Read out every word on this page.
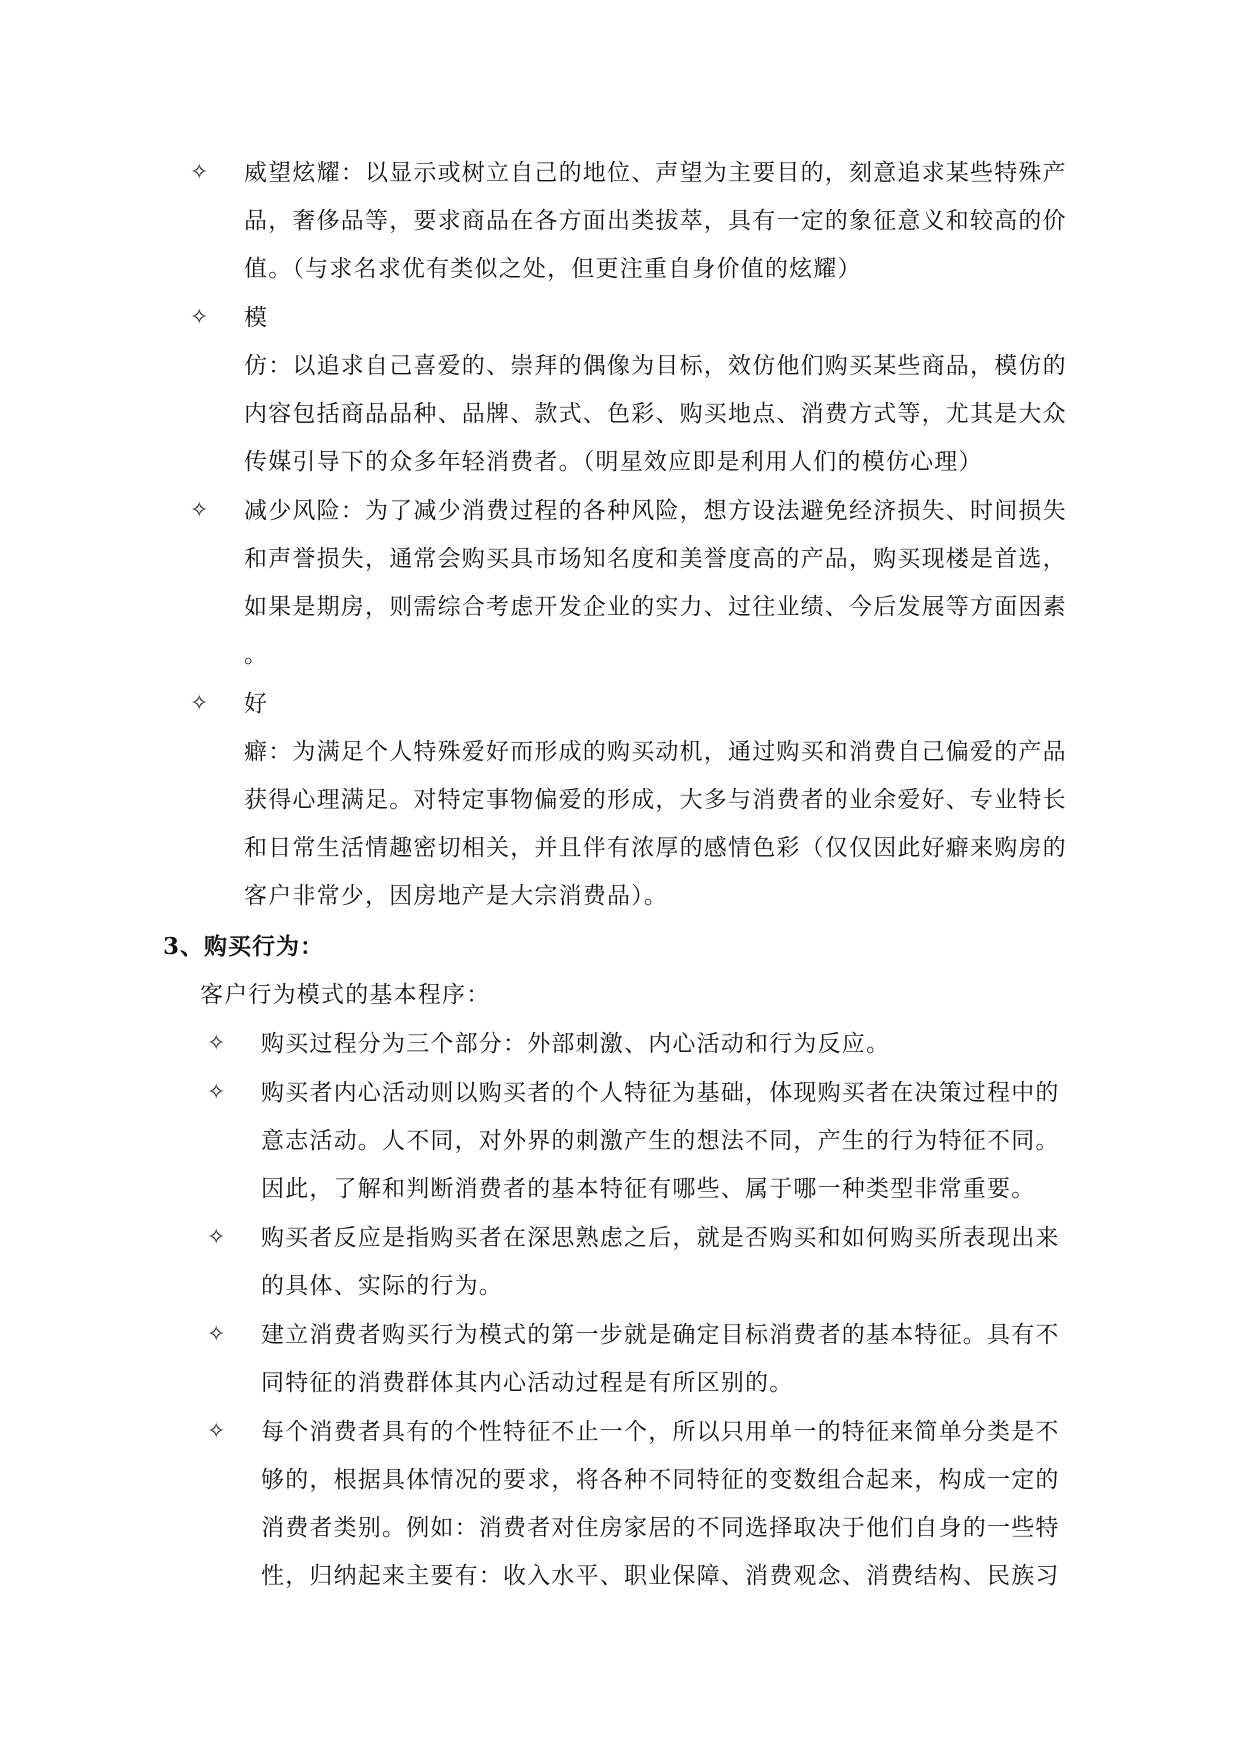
✧ 威望炫耀：以显示或树立自己的地位、声望为主要目的，刻意追求某些特殊产
品，奢侈品等，要求商品在各方面出类拔萃，具有一定的象征意义和较高的价
值。（与求名求优有类似之处，但更注重自身价值的炫耀）
✧ 模
仿：以追求自己喜爱的、崇拜的偶像为目标，效仿他们购买某些商品，模仿的
内容包括商品品种、品牌、款式、色彩、购买地点、消费方式等，尤其是大众
传媒引导下的众多年轻消费者。（明星效应即是利用人们的模仿心理）
✧ 减少风险：为了减少消费过程的各种风险，想方设法避免经济损失、时间损失
和声誉损失，通常会购买具市场知名度和美誉度高的产品，购买现楼是首选，
如果是期房，则需综合考虑开发企业的实力、过往业绩、今后发展等方面因素
。
✧ 好
癖：为满足个人特殊爱好而形成的购买动机，通过购买和消费自己偏爱的产品
获得心理满足。对特定事物偏爱的形成，大多与消费者的业余爱好、专业特长
和日常生活情趣密切相关，并且伴有浓厚的感情色彩（仅仅因此好癖来购房的
客户非常少，因房地产是大宗消费品）。
3、购买行为：
客户行为模式的基本程序：
✧ 购买过程分为三个部分：外部刺激、内心活动和行为反应。
✧ 购买者内心活动则以购买者的个人特征为基础，体现购买者在决策过程中的
意志活动。人不同，对外界的刺激产生的想法不同，产生的行为特征不同。
因此，了解和判断消费者的基本特征有哪些、属于哪一种类型非常重要。
✧ 购买者反应是指购买者在深思熟虑之后，就是否购买和如何购买所表现出来
的具体、实际的行为。
✧ 建立消费者购买行为模式的第一步就是确定目标消费者的基本特征。具有不
同特征的消费群体其内心活动过程是有所区别的。
✧ 每个消费者具有的个性特征不止一个，所以只用单一的特征来简单分类是不
够的，根据具体情况的要求，将各种不同特征的变数组合起来，构成一定的
消费者类别。例如：消费者对住房家居的不同选择取决于他们自身的一些特
性，归纳起来主要有：收入水平、职业保障、消费观念、消费结构、民族习
